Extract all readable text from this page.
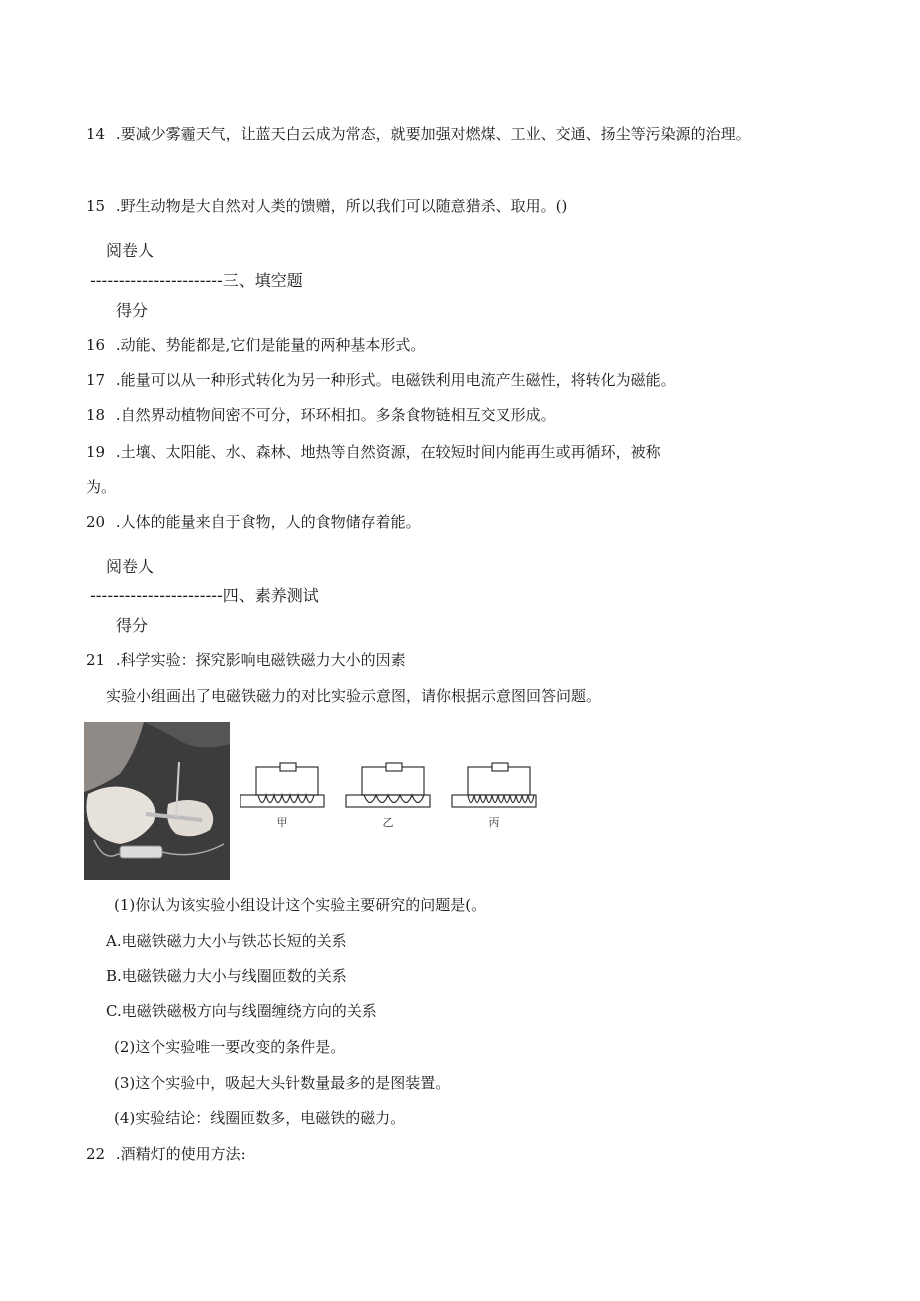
14 .要减少雾霾天气，让蓝天白云成为常态，就要加强对燃煤、工业、交通、扬尘等污染源的治理。
15 .野生动物是大自然对人类的馈赠，所以我们可以随意猎杀、取用。()
阅卷人
-----------------------三、填空题
得分
16 .动能、势能都是,它们是能量的两种基本形式。
17 .能量可以从一种形式转化为另一种形式。电磁铁利用电流产生磁性，将转化为磁能。
18 .自然界动植物间密不可分，环环相扣。多条食物链相互交叉形成。
19 .土壤、太阳能、水、森林、地热等自然资源，在较短时间内能再生或再循环，被称
为。
20 .人体的能量来自于食物，人的食物储存着能。
阅卷人
-----------------------四、素养测试
得分
21 .科学实验：探究影响电磁铁磁力大小的因素
实验小组画出了电磁铁磁力的对比实验示意图，请你根据示意图回答问题。
甲	乙	丙
(1)你认为该实验小组设计这个实验主要研究的问题是(。
A.电磁铁磁力大小与铁芯长短的关系
B.电磁铁磁力大小与线圈匝数的关系
C.电磁铁磁极方向与线圈缠绕方向的关系
(2)这个实验唯一要改变的条件是。
(3)这个实验中，吸起大头针数量最多的是图装置。
(4)实验结论：线圈匝数多，电磁铁的磁力。
22 .酒精灯的使用方法:
